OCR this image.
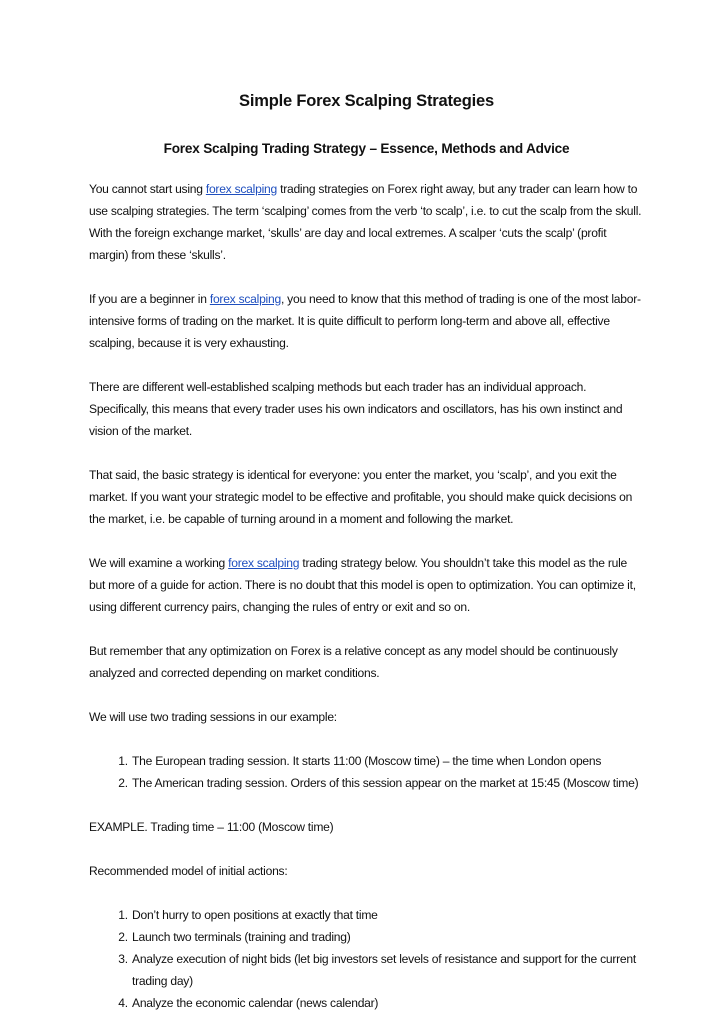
Simple Forex Scalping Strategies
Forex Scalping Trading Strategy – Essence, Methods and Advice

You cannot start using forex scalping trading strategies on Forex right away, but any trader can learn how to use scalping strategies. The term ‘scalping’ comes from the verb ‘to scalp’, i.e. to cut the scalp from the skull. With the foreign exchange market, ‘skulls’ are day and local extremes. A scalper ‘cuts the scalp’ (profit margin) from these ‘skulls’.

If you are a beginner in forex scalping, you need to know that this method of trading is one of the most labor-intensive forms of trading on the market. It is quite difficult to perform long-term and above all, effective scalping, because it is very exhausting.

There are different well-established scalping methods but each trader has an individual approach. Specifically, this means that every trader uses his own indicators and oscillators, has his own instinct and vision of the market.

That said, the basic strategy is identical for everyone: you enter the market, you ‘scalp’, and you exit the market. If you want your strategic model to be effective and profitable, you should make quick decisions on the market, i.e. be capable of turning around in a moment and following the market.

We will examine a working forex scalping trading strategy below. You shouldn’t take this model as the rule but more of a guide for action. There is no doubt that this model is open to optimization. You can optimize it, using different currency pairs, changing the rules of entry or exit and so on.

But remember that any optimization on Forex is a relative concept as any model should be continuously analyzed and corrected depending on market conditions.

We will use two trading sessions in our example:

1. The European trading session. It starts 11:00 (Moscow time) – the time when London opens
2. The American trading session. Orders of this session appear on the market at 15:45 (Moscow time)

EXAMPLE. Trading time – 11:00 (Moscow time)

Recommended model of initial actions:

1. Don’t hurry to open positions at exactly that time
2. Launch two terminals (training and trading)
3. Analyze execution of night bids (let big investors set levels of resistance and support for the current trading day)
4. Analyze the economic calendar (news calendar)
